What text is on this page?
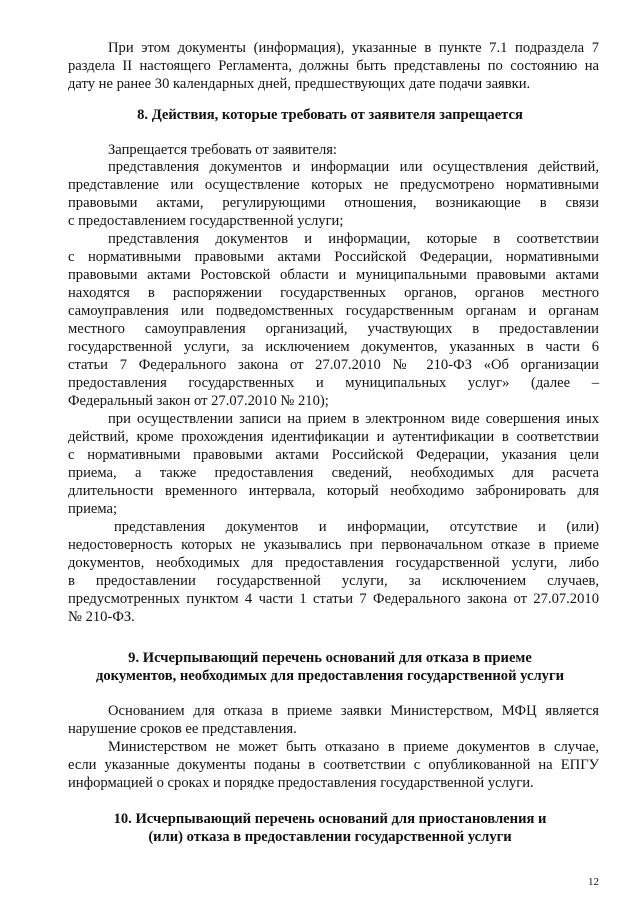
При этом документы (информация), указанные в пункте 7.1 подраздела 7

раздела II настоящего Регламента, должны быть представлены по состоянию на

дату не ранее 30 календарных дней, предшествующих дате подачи заявки.

8. Действия, которые требовать от заявителя запрещается

Запрещается требовать от заявителя:

представления документов и информации или осуществления действий,

представление или осуществление которых не предусмотрено нормативными

правовыми актами, регулирующими отношения, возникающие в связи

с предоставлением государственной услуги;

представления документов и информации, которые в соответствии

с нормативными правовыми актами Российской Федерации, нормативными

правовыми актами Ростовской области и муниципальными правовыми актами

находятся в распоряжении государственных органов, органов местного

самоуправления или подведомственных государственным органам и органам

местного самоуправления организаций, участвующих в предоставлении

государственной услуги, за исключением документов, указанных в части 6

статьи 7 Федерального закона от 27.07.2010 № 210-ФЗ «Об организации

предоставления государственных и муниципальных услуг» (далее –

Федеральный закон от 27.07.2010 № 210);

при осуществлении записи на прием в электронном виде совершения иных

действий, кроме прохождения идентификации и аутентификации в соответствии

с нормативными правовыми актами Российской Федерации, указания цели

приема, а также предоставления сведений, необходимых для расчета

длительности временного интервала, который необходимо забронировать для

приема;

представления документов и информации, отсутствие и (или)

недостоверность которых не указывались при первоначальном отказе в приеме

документов, необходимых для предоставления государственной услуги, либо

в предоставлении государственной услуги, за исключением случаев,

предусмотренных пунктом 4 части 1 статьи 7 Федерального закона от 27.07.2010

№ 210-ФЗ.

9. Исчерпывающий перечень оснований для отказа в приеме

документов, необходимых для предоставления государственной услуги

Основанием для отказа в приеме заявки Министерством, МФЦ является

нарушение сроков ее представления.

Министерством не может быть отказано в приеме документов в случае,

если указанные документы поданы в соответствии с опубликованной на ЕПГУ

информацией о сроках и порядке предоставления государственной услуги.

10. Исчерпывающий перечень оснований для приостановления и

(или) отказа в предоставлении государственной услуги

12
